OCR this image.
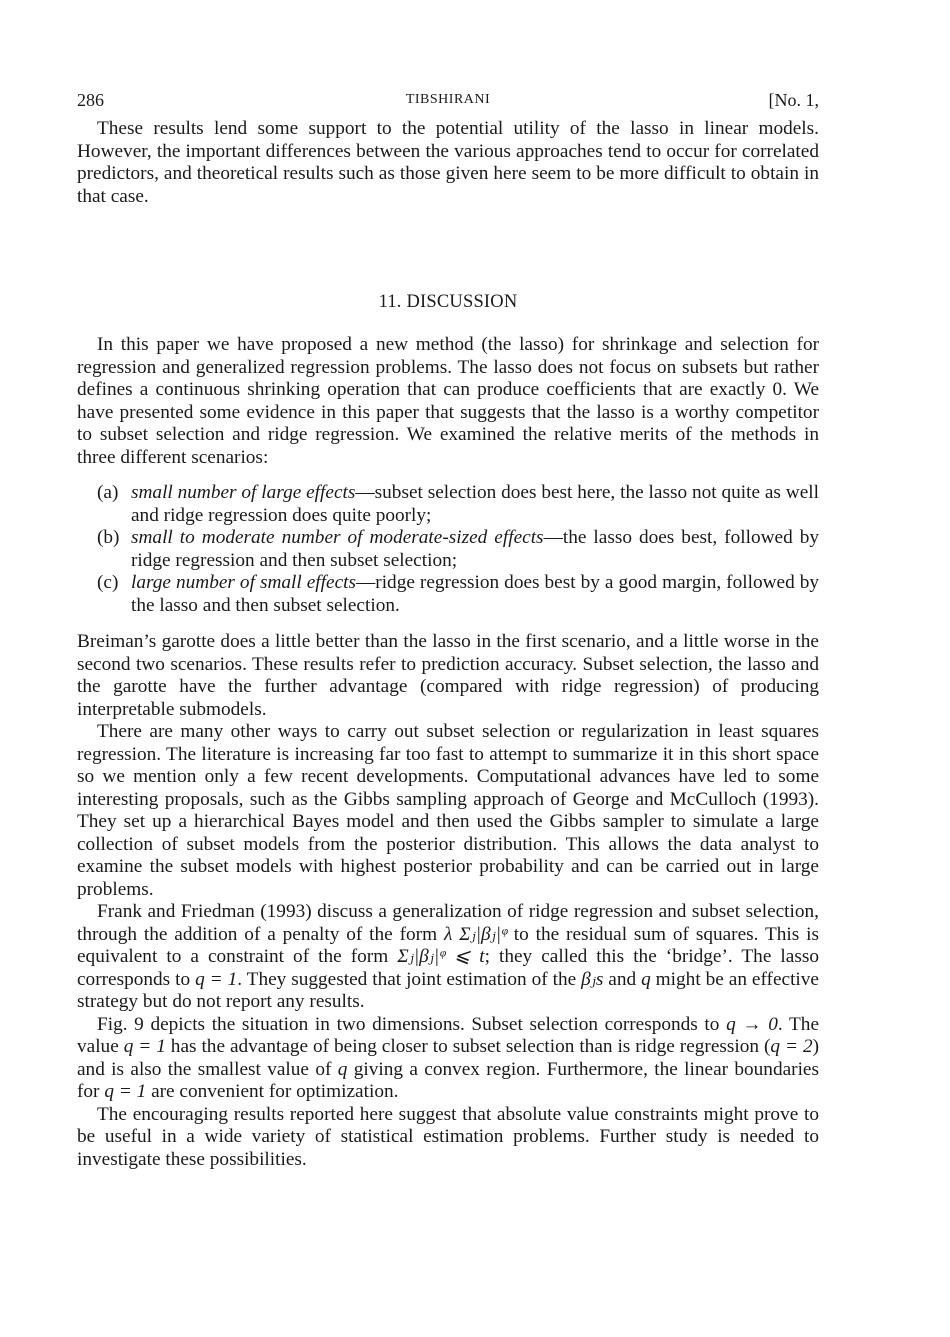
286	TIBSHIRANI	[No. 1,

These results lend some support to the potential utility of the lasso in linear models. However, the important differences between the various approaches tend to occur for correlated predictors, and theoretical results such as those given here seem to be more difficult to obtain in that case.

11. DISCUSSION

In this paper we have proposed a new method (the lasso) for shrinkage and selection for regression and generalized regression problems. The lasso does not focus on subsets but rather defines a continuous shrinking operation that can produce coefficients that are exactly 0. We have presented some evidence in this paper that suggests that the lasso is a worthy competitor to subset selection and ridge regression. We examined the relative merits of the methods in three different scenarios:

(a) small number of large effects—subset selection does best here, the lasso not quite as well and ridge regression does quite poorly;
(b) small to moderate number of moderate-sized effects—the lasso does best, followed by ridge regression and then subset selection;
(c) large number of small effects—ridge regression does best by a good margin, followed by the lasso and then subset selection.

Breiman’s garotte does a little better than the lasso in the first scenario, and a little worse in the second two scenarios. These results refer to prediction accuracy. Subset selection, the lasso and the garotte have the further advantage (compared with ridge regression) of producing interpretable submodels.

There are many other ways to carry out subset selection or regularization in least squares regression. The literature is increasing far too fast to attempt to summarize it in this short space so we mention only a few recent developments. Computational advances have led to some interesting proposals, such as the Gibbs sampling approach of George and McCulloch (1993). They set up a hierarchical Bayes model and then used the Gibbs sampler to simulate a large collection of subset models from the posterior distribution. This allows the data analyst to examine the subset models with highest posterior probability and can be carried out in large problems.

Frank and Friedman (1993) discuss a generalization of ridge regression and subset selection, through the addition of a penalty of the form λ Σⱼ|βⱼ|ᵠ to the residual sum of squares. This is equivalent to a constraint of the form Σⱼ|βⱼ|ᵠ ⩽ t; they called this the ‘bridge’. The lasso corresponds to q = 1. They suggested that joint estimation of the βⱼs and q might be an effective strategy but do not report any results.

Fig. 9 depicts the situation in two dimensions. Subset selection corresponds to q → 0. The value q = 1 has the advantage of being closer to subset selection than is ridge regression (q = 2) and is also the smallest value of q giving a convex region. Furthermore, the linear boundaries for q = 1 are convenient for optimization.

The encouraging results reported here suggest that absolute value constraints might prove to be useful in a wide variety of statistical estimation problems. Further study is needed to investigate these possibilities.
